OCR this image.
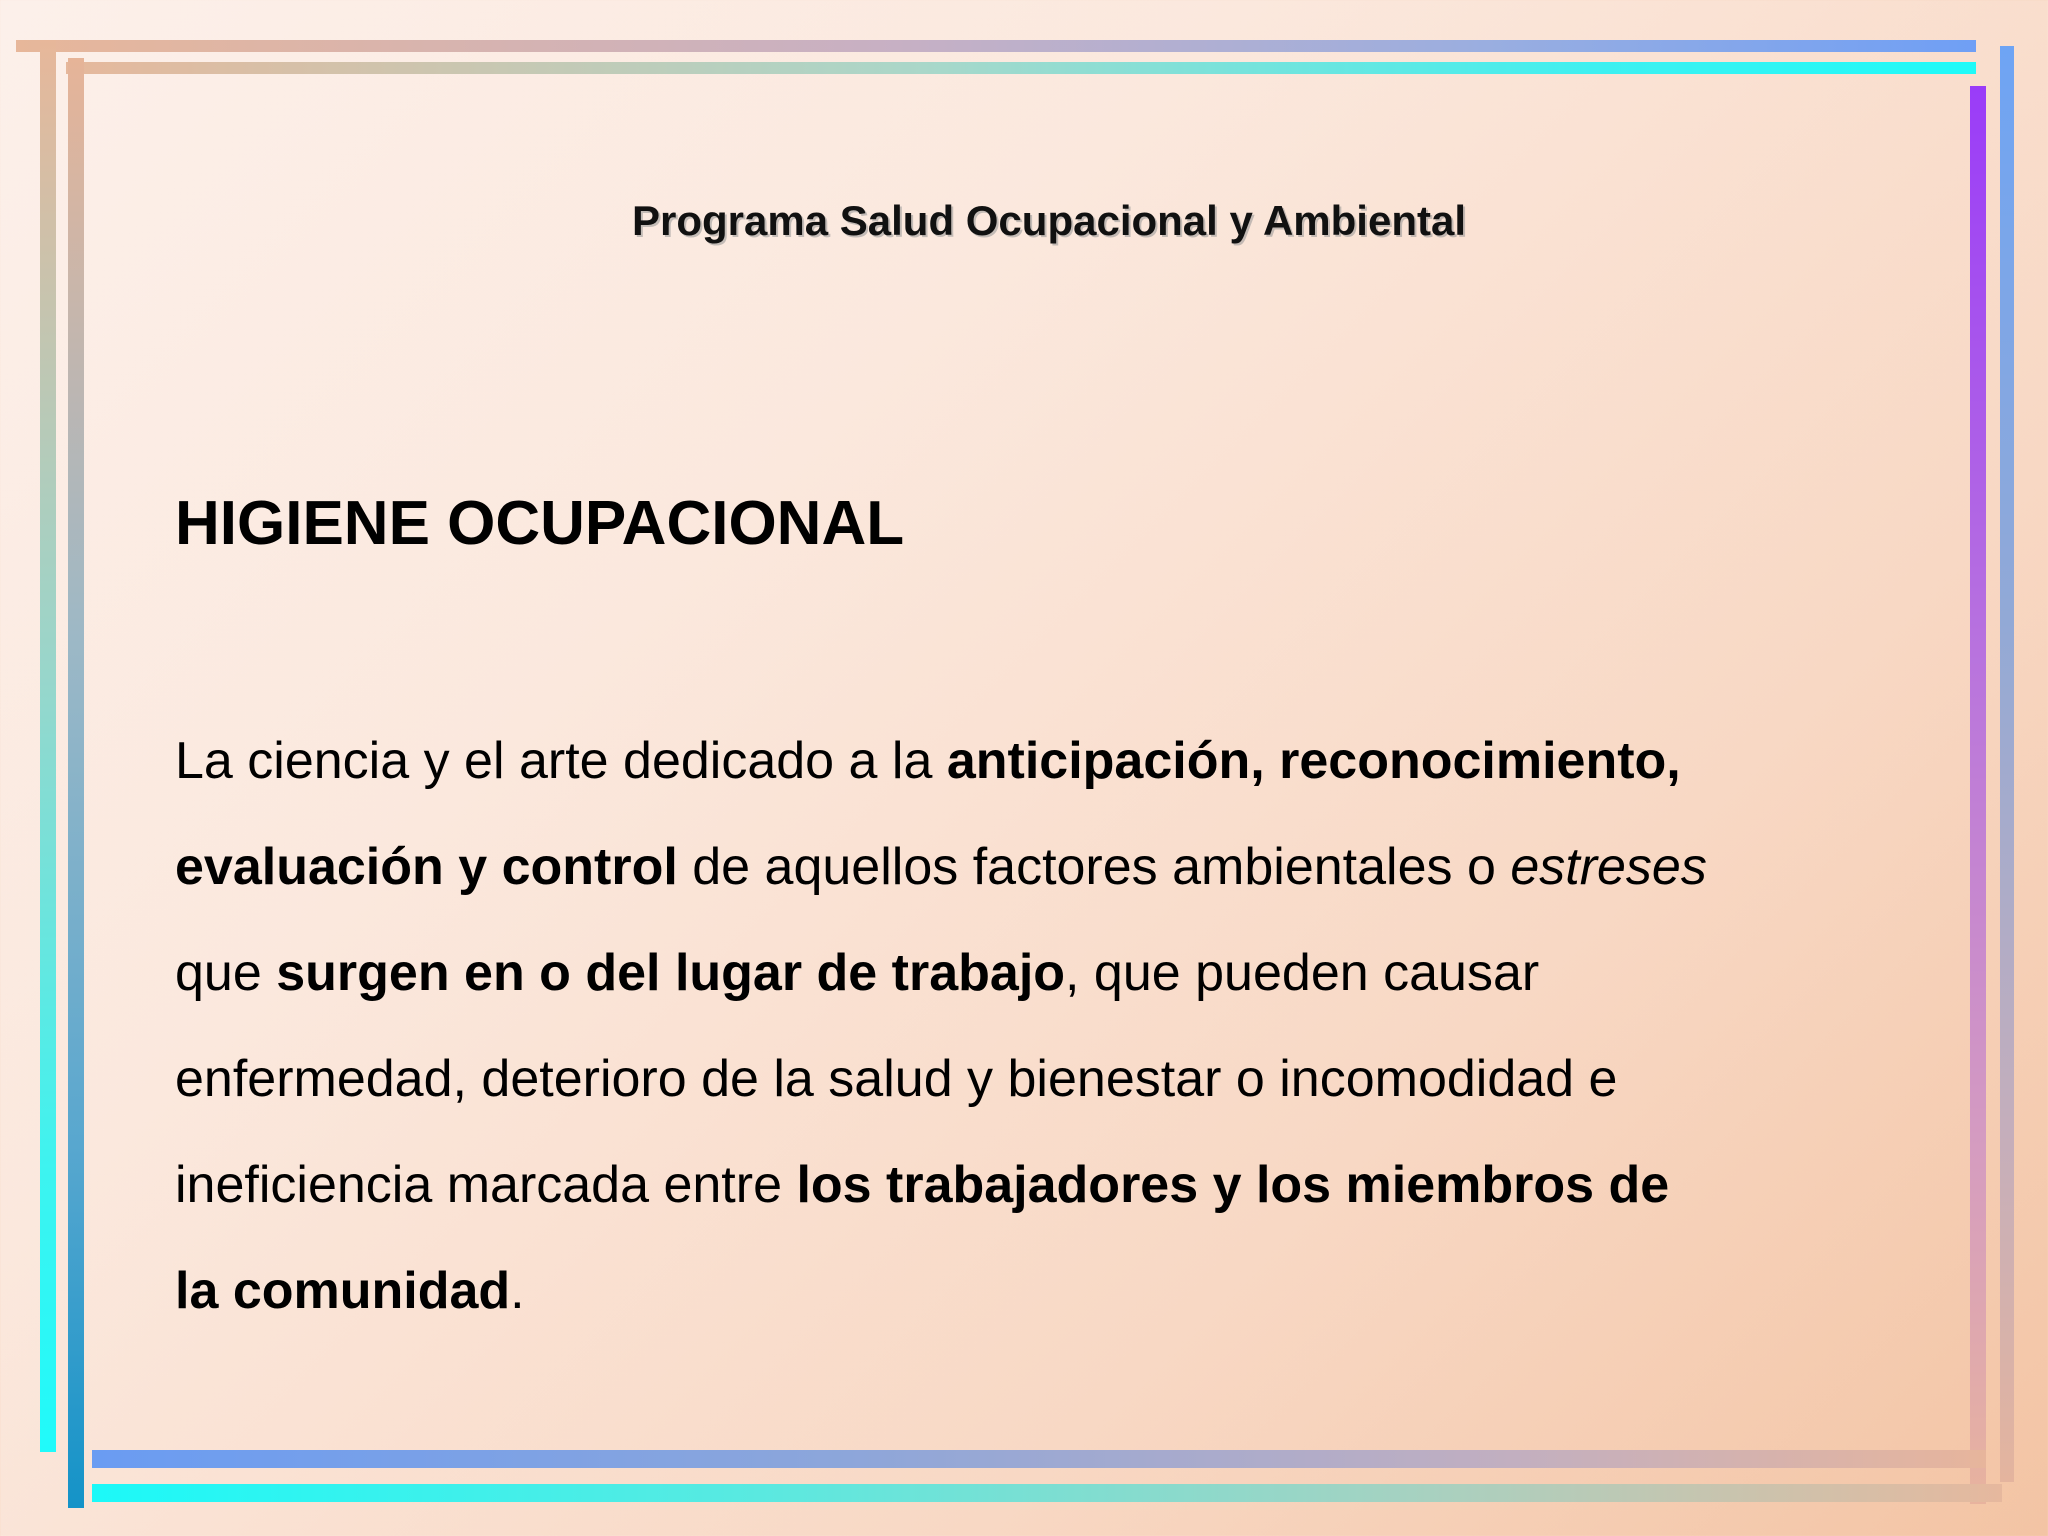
Programa Salud Ocupacional y Ambiental
HIGIENE OCUPACIONAL
La ciencia y el arte dedicado a la anticipación, reconocimiento,
evaluación y control de aquellos factores ambientales o estreses
que surgen en o del lugar de trabajo, que pueden causar
enfermedad, deterioro de la salud y bienestar o incomodidad e
ineficiencia marcada entre los trabajadores y los miembros de
la comunidad.
